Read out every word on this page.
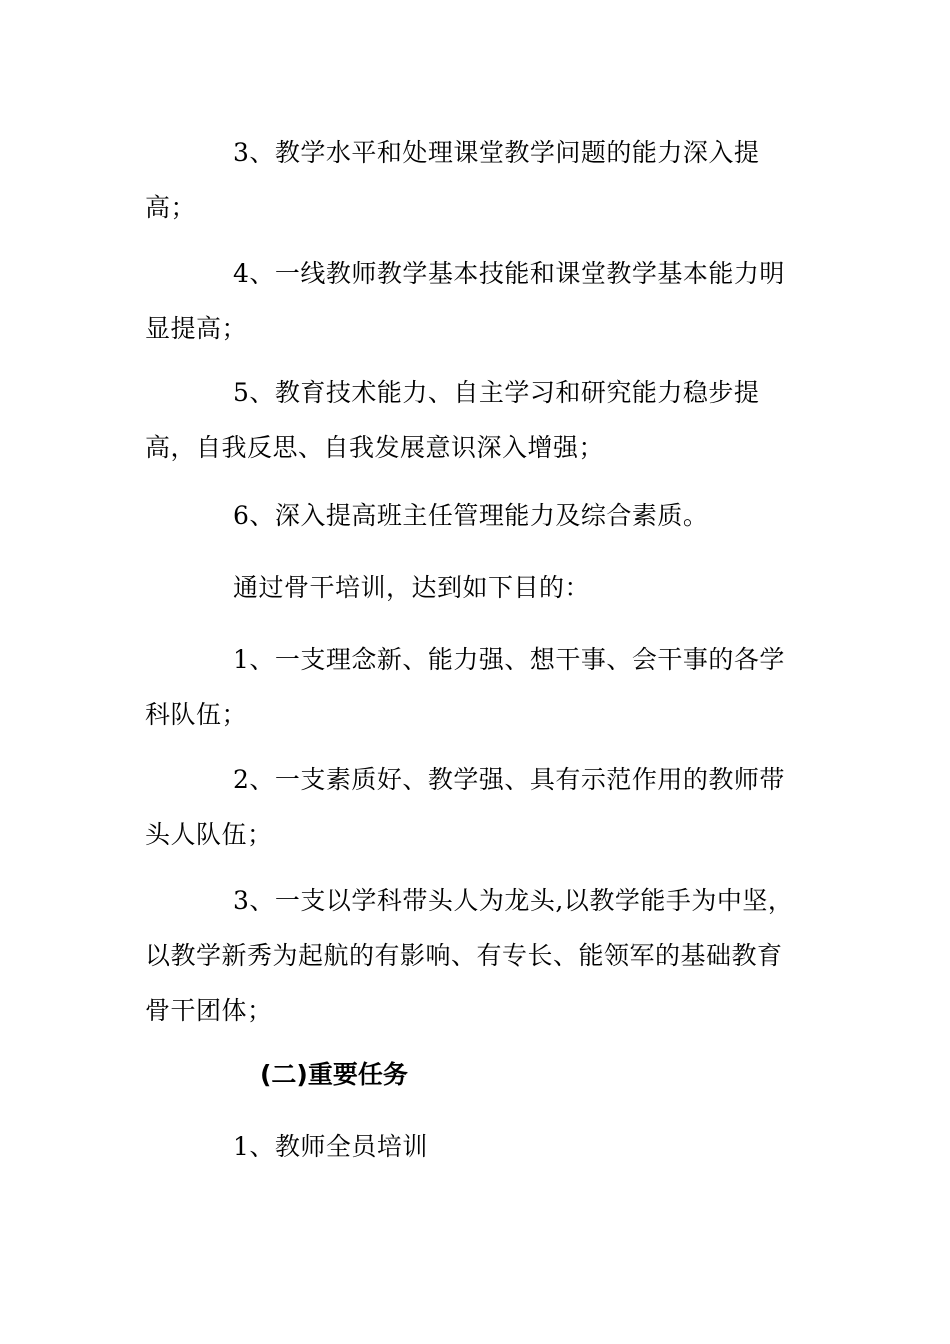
3、教学水平和处理课堂教学问题的能力深入提高；

4、一线教师教学基本技能和课堂教学基本能力明显提高；

5、教育技术能力、自主学习和研究能力稳步提高，自我反思、自我发展意识深入增强；

6、深入提高班主任管理能力及综合素质。

通过骨干培训，达到如下目的：

1、一支理念新、能力强、想干事、会干事的各学科队伍；

2、一支素质好、教学强、具有示范作用的教师带头人队伍；

3、一支以学科带头人为龙头,以教学能手为中坚，以教学新秀为起航的有影响、有专长、能领军的基础教育骨干团体；

(二)重要任务

1、教师全员培训
